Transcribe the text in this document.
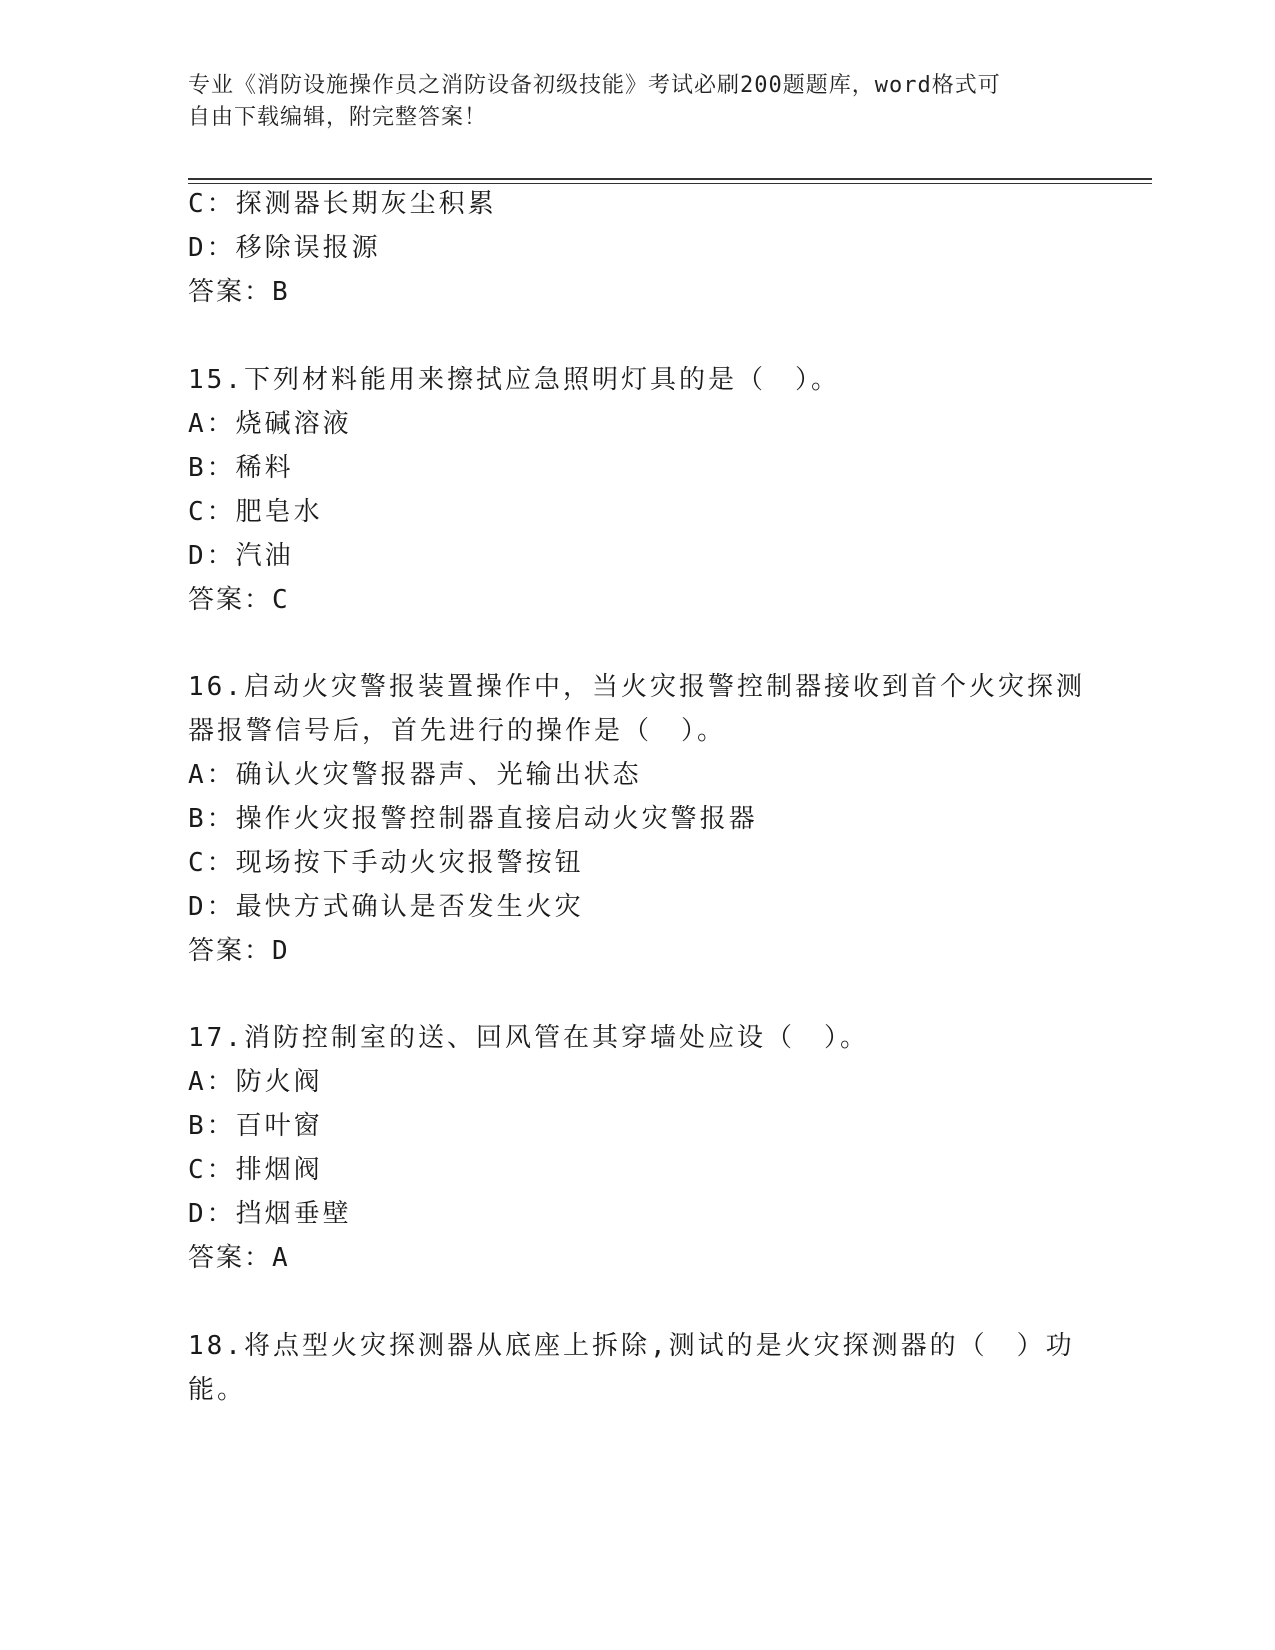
专业《消防设施操作员之消防设备初级技能》考试必刷200题题库，word格式可
自由下载编辑，附完整答案！
C：探测器长期灰尘积累
D：移除误报源
答案：B
15.下列材料能用来擦拭应急照明灯具的是（　）。
A：烧碱溶液
B：稀料
C：肥皂水
D：汽油
答案：C
16.启动火灾警报装置操作中，当火灾报警控制器接收到首个火灾探测
器报警信号后，首先进行的操作是（　）。
A：确认火灾警报器声、光输出状态
B：操作火灾报警控制器直接启动火灾警报器
C：现场按下手动火灾报警按钮
D：最快方式确认是否发生火灾
答案：D
17.消防控制室的送、回风管在其穿墙处应设（　）。
A：防火阀
B：百叶窗
C：排烟阀
D：挡烟垂壁
答案：A
18.将点型火灾探测器从底座上拆除,测试的是火灾探测器的（　）功
能。
